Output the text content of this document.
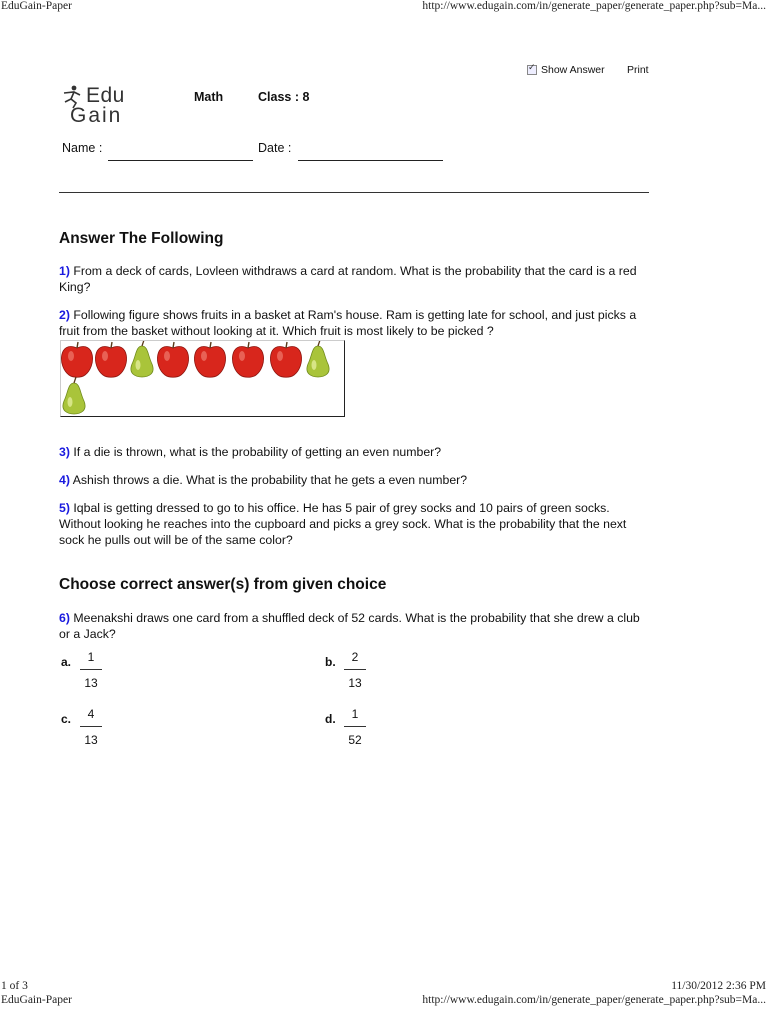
EduGain-Paper	http://www.edugain.com/in/generate_paper/generate_paper.php?sub=Ma...
✓ Show Answer Print
Edu
Gain
Math	Class : 8
Name :	Date :
Answer The Following
1) From a deck of cards, Lovleen withdraws a card at random. What is the probability that the card is a red King?
2) Following figure shows fruits in a basket at Ram's house. Ram is getting late for school, and just picks a fruit from the basket without looking at it. Which fruit is most likely to be picked ?
3) If a die is thrown, what is the probability of getting an even number?
4) Ashish throws a die. What is the probability that he gets a even number?
5) Iqbal is getting dressed to go to his office. He has 5 pair of grey socks and 10 pairs of green socks. Without looking he reaches into the cupboard and picks a grey sock. What is the probability that the next sock he pulls out will be of the same color?
Choose correct answer(s) from given choice
6) Meenakshi draws one card from a shuffled deck of 52 cards. What is the probability that she drew a club or a Jack?
a.	1
13
b.	2
13
c.	4
13
d.	1
52
1 of 3	11/30/2012 2:36 PM
EduGain-Paper	http://www.edugain.com/in/generate_paper/generate_paper.php?sub=Ma...
